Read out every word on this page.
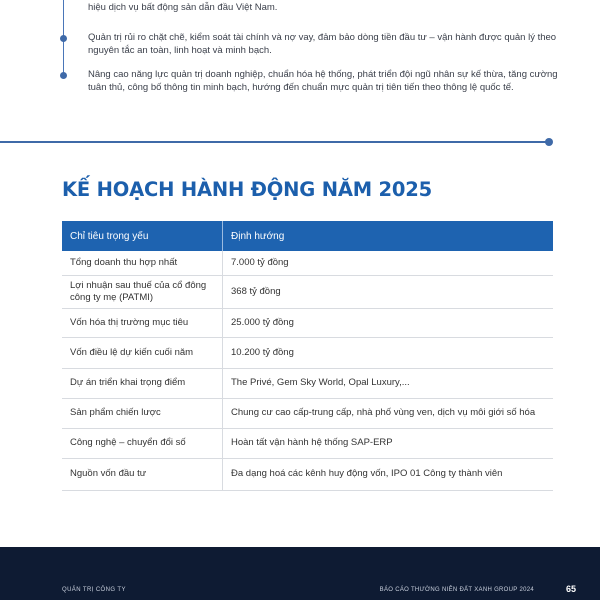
hiệu dịch vụ bất động sản dẫn đầu Việt Nam.
Quản trị rủi ro chặt chẽ, kiểm soát tài chính và nợ vay, đảm bảo dòng tiền đầu tư – vận hành được quản lý theo nguyên tắc an toàn, linh hoạt và minh bạch.
Nâng cao năng lực quản trị doanh nghiệp, chuẩn hóa hệ thống, phát triển đội ngũ nhân sự kế thừa, tăng cường tuân thủ, công bố thông tin minh bạch, hướng đến chuẩn mực quản trị tiên tiến theo thông lệ quốc tế.
KẾ HOẠCH HÀNH ĐỘNG NĂM 2025
Chỉ tiêu trọng yếu	Định hướng
Tổng doanh thu hợp nhất	7.000 tỷ đồng
Lợi nhuận sau thuế của cổ đông công ty mẹ (PATMI)	368 tỷ đồng
Vốn hóa thị trường mục tiêu	25.000 tỷ đồng
Vốn điều lệ dự kiến cuối năm	10.200 tỷ đồng
Dự án triển khai trọng điểm	The Privé, Gem Sky World, Opal Luxury,...
Sản phẩm chiến lược	Chung cư cao cấp-trung cấp, nhà phố vùng ven, dịch vụ môi giới số hóa
Công nghệ – chuyển đổi số	Hoàn tất vận hành hệ thống SAP-ERP
Nguồn vốn đầu tư	Đa dạng hoá các kênh huy động vốn, IPO 01 Công ty thành viên
QUẢN TRỊ CÔNG TY	BÁO CÁO THƯỜNG NIÊN ĐẤT XANH GROUP 2024	65
